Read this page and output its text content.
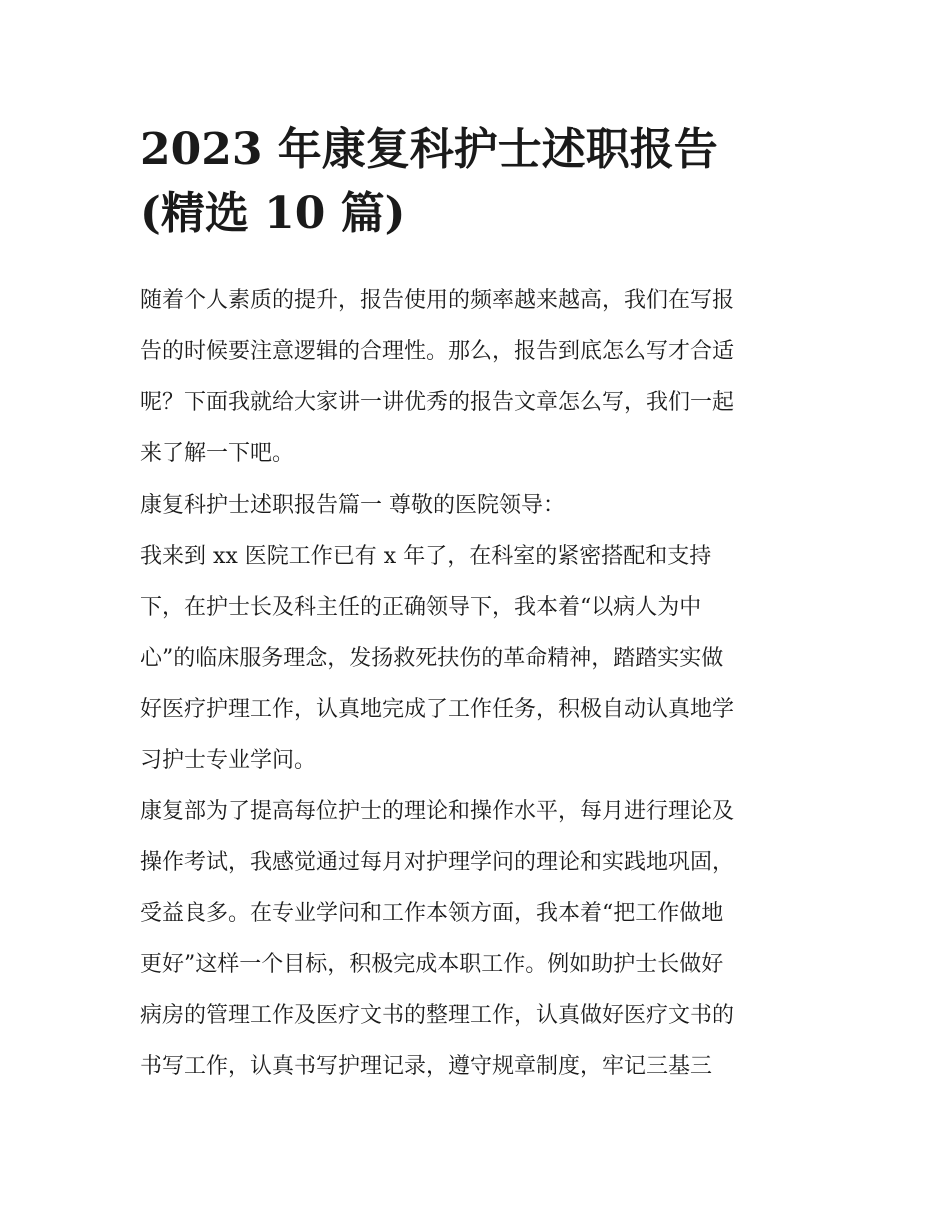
2023 年康复科护士述职报告
(精选 10 篇)
随着个人素质的提升，报告使用的频率越来越高，我们在写报
告的时候要注意逻辑的合理性。那么，报告到底怎么写才合适
呢？下面我就给大家讲一讲优秀的报告文章怎么写，我们一起
来了解一下吧。
康复科护士述职报告篇一 尊敬的医院领导：
我来到 xx 医院工作已有 x 年了，在科室的紧密搭配和支持
下，在护士长及科主任的正确领导下，我本着“以病人为中
心”的临床服务理念，发扬救死扶伤的革命精神，踏踏实实做
好医疗护理工作，认真地完成了工作任务，积极自动认真地学
习护士专业学问。
康复部为了提高每位护士的理论和操作水平，每月进行理论及
操作考试，我感觉通过每月对护理学问的理论和实践地巩固，
受益良多。在专业学问和工作本领方面，我本着“把工作做地
更好”这样一个目标，积极完成本职工作。例如助护士长做好
病房的管理工作及医疗文书的整理工作，认真做好医疗文书的
书写工作，认真书写护理记录，遵守规章制度，牢记三基三
